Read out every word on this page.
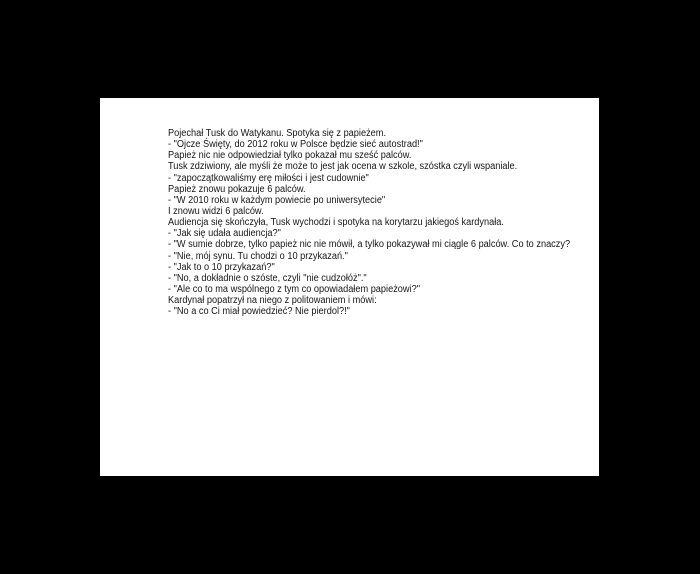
Pojechał Tusk do Watykanu. Spotyka się z papieżem.
- "Ojcze Święty, do 2012 roku w Polsce będzie sieć autostrad!"
Papież nic nie odpowiedział tylko pokazał mu sześć palców.
Tusk zdziwiony, ale myśli że może to jest jak ocena w szkole, szóstka czyli wspaniale.
- "zapoczątkowaliśmy erę miłości i jest cudownie"
Papież znowu pokazuje 6 palców.
- "W 2010 roku w każdym powiecie po uniwersytecie"
I znowu widzi 6 palców.
Audiencja się skończyła, Tusk wychodzi i spotyka na korytarzu jakiegoś kardynała.
- "Jak się udała audiencja?"
- "W sumie dobrze, tylko papież nic nie mówił, a tylko pokazywał mi ciągle 6 palców. Co to znaczy?
- "Nie, mój synu. Tu chodzi o 10 przykazań."
- "Jak to o 10 przykazań?"
- "No, a dokładnie o szóste, czyli "nie cudzołóż"."
- "Ale co to ma wspólnego z tym co opowiadałem papieżowi?"
Kardynał popatrzył na niego z politowaniem i mówi:
- "No a co Ci miał powiedzieć? Nie pierdol?!"
